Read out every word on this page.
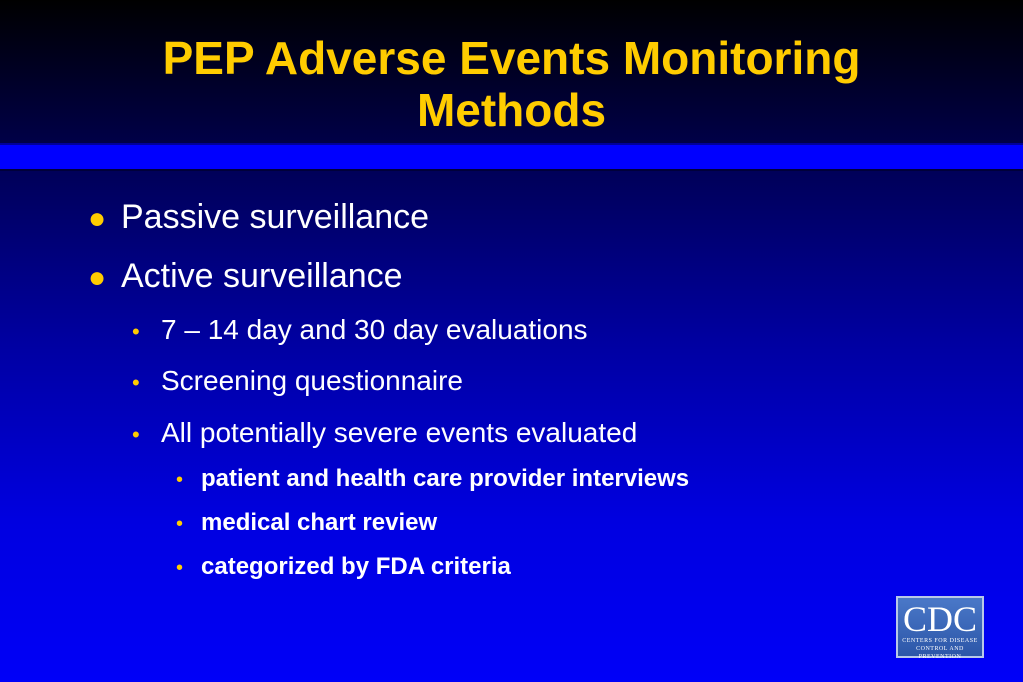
PEP Adverse Events Monitoring
Methods
● Passive surveillance
● Active surveillance
• 7 – 14 day and 30 day evaluations
• Screening questionnaire
• All potentially severe events evaluated
• patient and health care provider interviews
• medical chart review
• categorized by FDA criteria
CDC
CENTERS FOR DISEASE
CONTROL AND PREVENTION
